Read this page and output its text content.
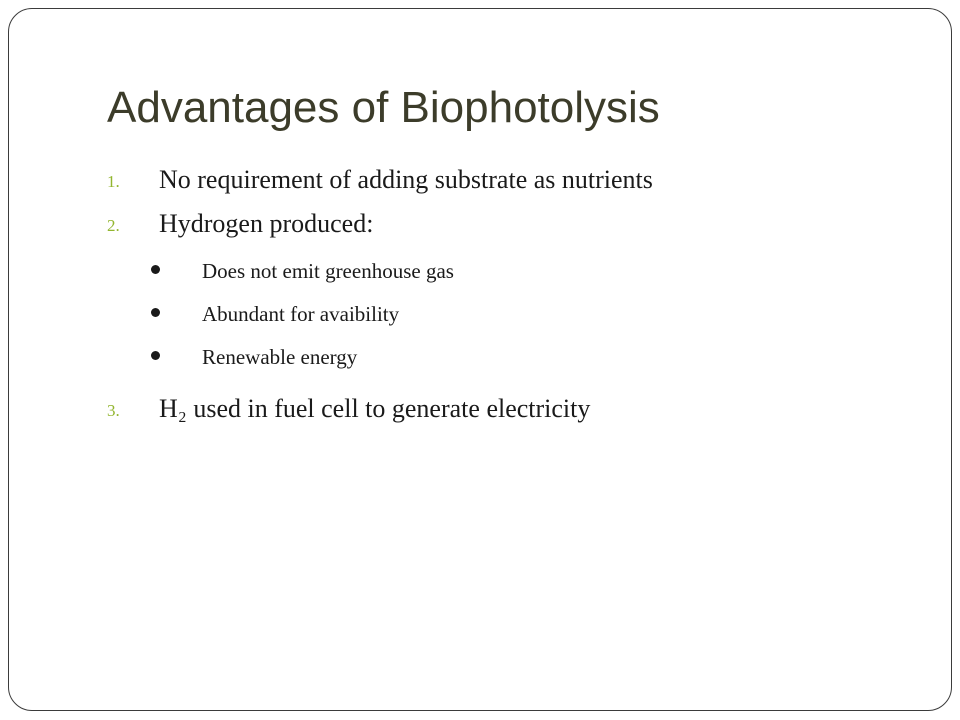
Advantages of Biophotolysis
1. No requirement of adding substrate as nutrients
2. Hydrogen produced:
Does not emit greenhouse gas
Abundant for avaibility
Renewable energy
3. H₂ used in fuel cell to generate electricity
